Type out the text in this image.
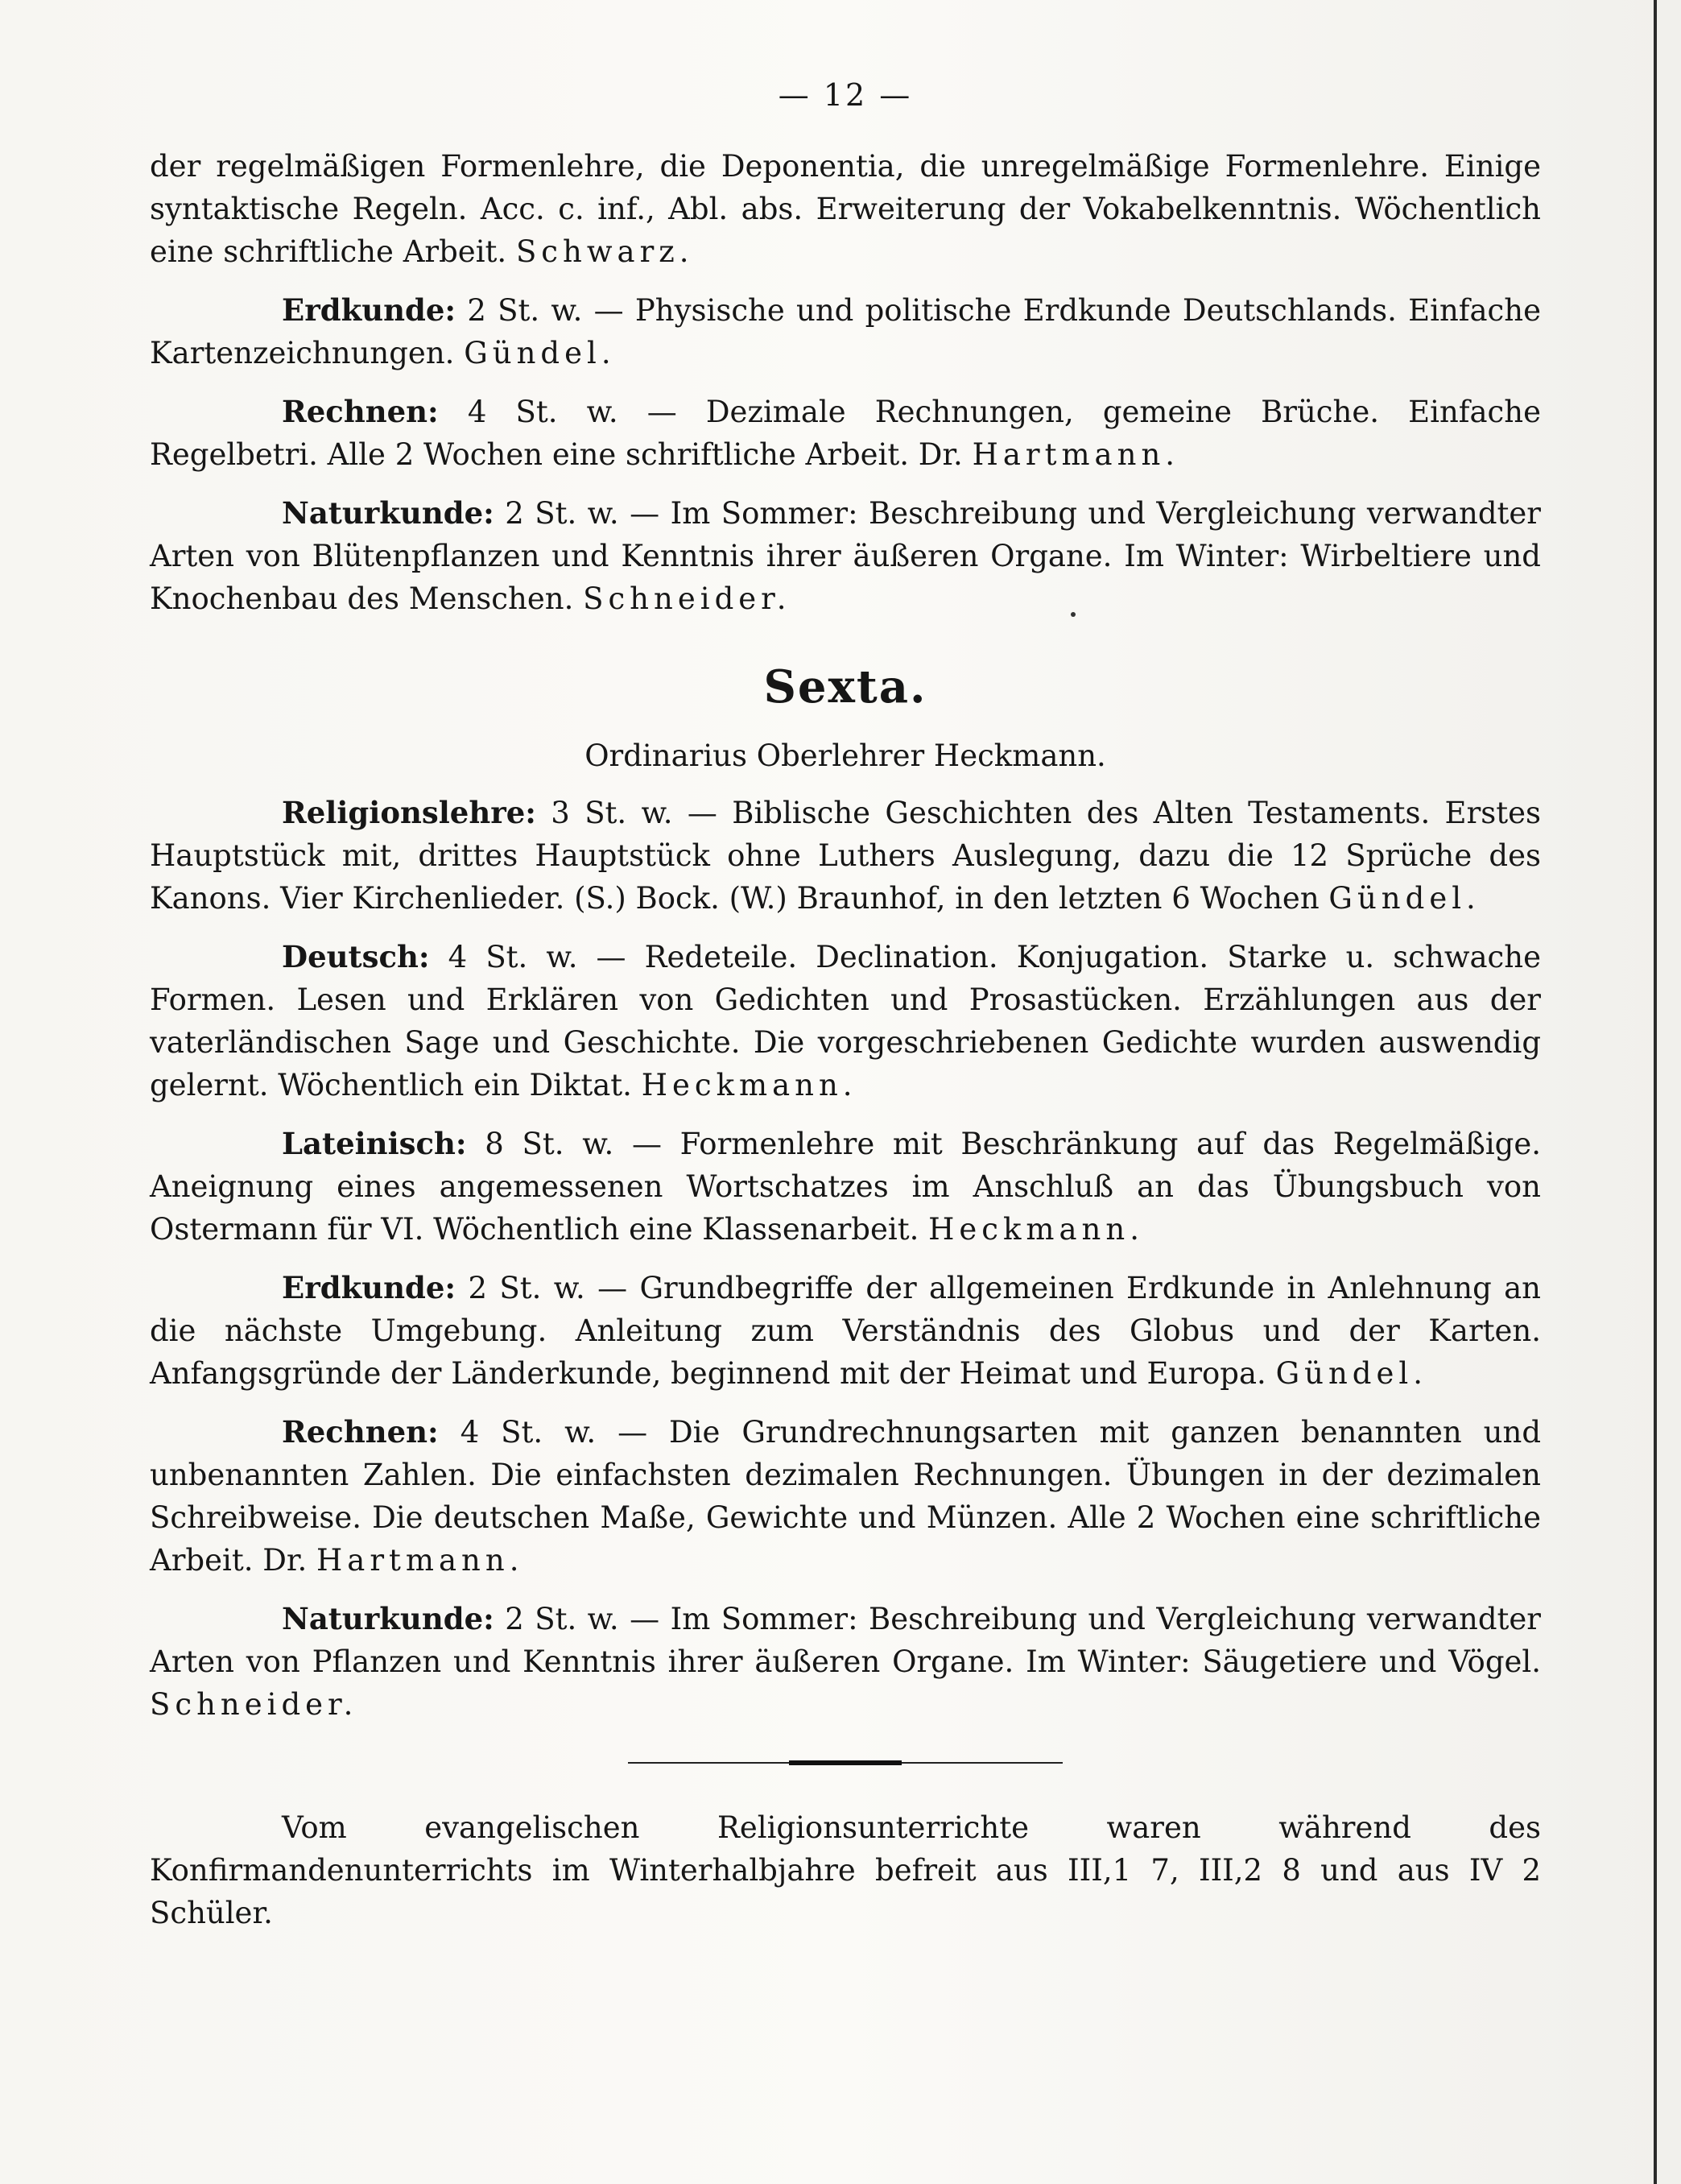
— 12 —

der regelmäßigen Formenlehre, die Deponentia, die unregelmäßige Formenlehre. Einige syntaktische Regeln. Acc. c. inf., Abl. abs. Erweiterung der Vokabelkenntnis. Wöchentlich eine schriftliche Arbeit. Schwarz.

Erdkunde: 2 St. w. — Physische und politische Erdkunde Deutschlands. Einfache Kartenzeichnungen. Gündel.

Rechnen: 4 St. w. — Dezimale Rechnungen, gemeine Brüche. Einfache Regelbetri. Alle 2 Wochen eine schriftliche Arbeit. Dr. Hartmann.

Naturkunde: 2 St. w. — Im Sommer: Beschreibung und Vergleichung verwandter Arten von Blütenpflanzen und Kenntnis ihrer äußeren Organe. Im Winter: Wirbeltiere und Knochenbau des Menschen. Schneider.

Sexta.
Ordinarius Oberlehrer Heckmann.

Religionslehre: 3 St. w. — Biblische Geschichten des Alten Testaments. Erstes Hauptstück mit, drittes Hauptstück ohne Luthers Auslegung, dazu die 12 Sprüche des Kanons. Vier Kirchenlieder. (S.) Bock. (W.) Braunhof, in den letzten 6 Wochen Gündel.

Deutsch: 4 St. w. — Redeteile. Declination. Konjugation. Starke u. schwache Formen. Lesen und Erklären von Gedichten und Prosastücken. Erzählungen aus der vaterländischen Sage und Geschichte. Die vorgeschriebenen Gedichte wurden auswendig gelernt. Wöchentlich ein Diktat. Heckmann.

Lateinisch: 8 St. w. — Formenlehre mit Beschränkung auf das Regelmäßige. Aneignung eines angemessenen Wortschatzes im Anschluß an das Übungsbuch von Ostermann für VI. Wöchentlich eine Klassenarbeit. Heckmann.

Erdkunde: 2 St. w. — Grundbegriffe der allgemeinen Erdkunde in Anlehnung an die nächste Umgebung. Anleitung zum Verständnis des Globus und der Karten. Anfangsgründe der Länderkunde, beginnend mit der Heimat und Europa. Gündel.

Rechnen: 4 St. w. — Die Grundrechnungsarten mit ganzen benannten und unbenannten Zahlen. Die einfachsten dezimalen Rechnungen. Übungen in der dezimalen Schreibweise. Die deutschen Maße, Gewichte und Münzen. Alle 2 Wochen eine schriftliche Arbeit. Dr. Hartmann.

Naturkunde: 2 St. w. — Im Sommer: Beschreibung und Vergleichung verwandter Arten von Pflanzen und Kenntnis ihrer äußeren Organe. Im Winter: Säugetiere und Vögel. Schneider.

Vom evangelischen Religionsunterrichte waren während des Konfirmandenunterrichts im Winterhalbjahre befreit aus III,1 7, III,2 8 und aus IV 2 Schüler.
